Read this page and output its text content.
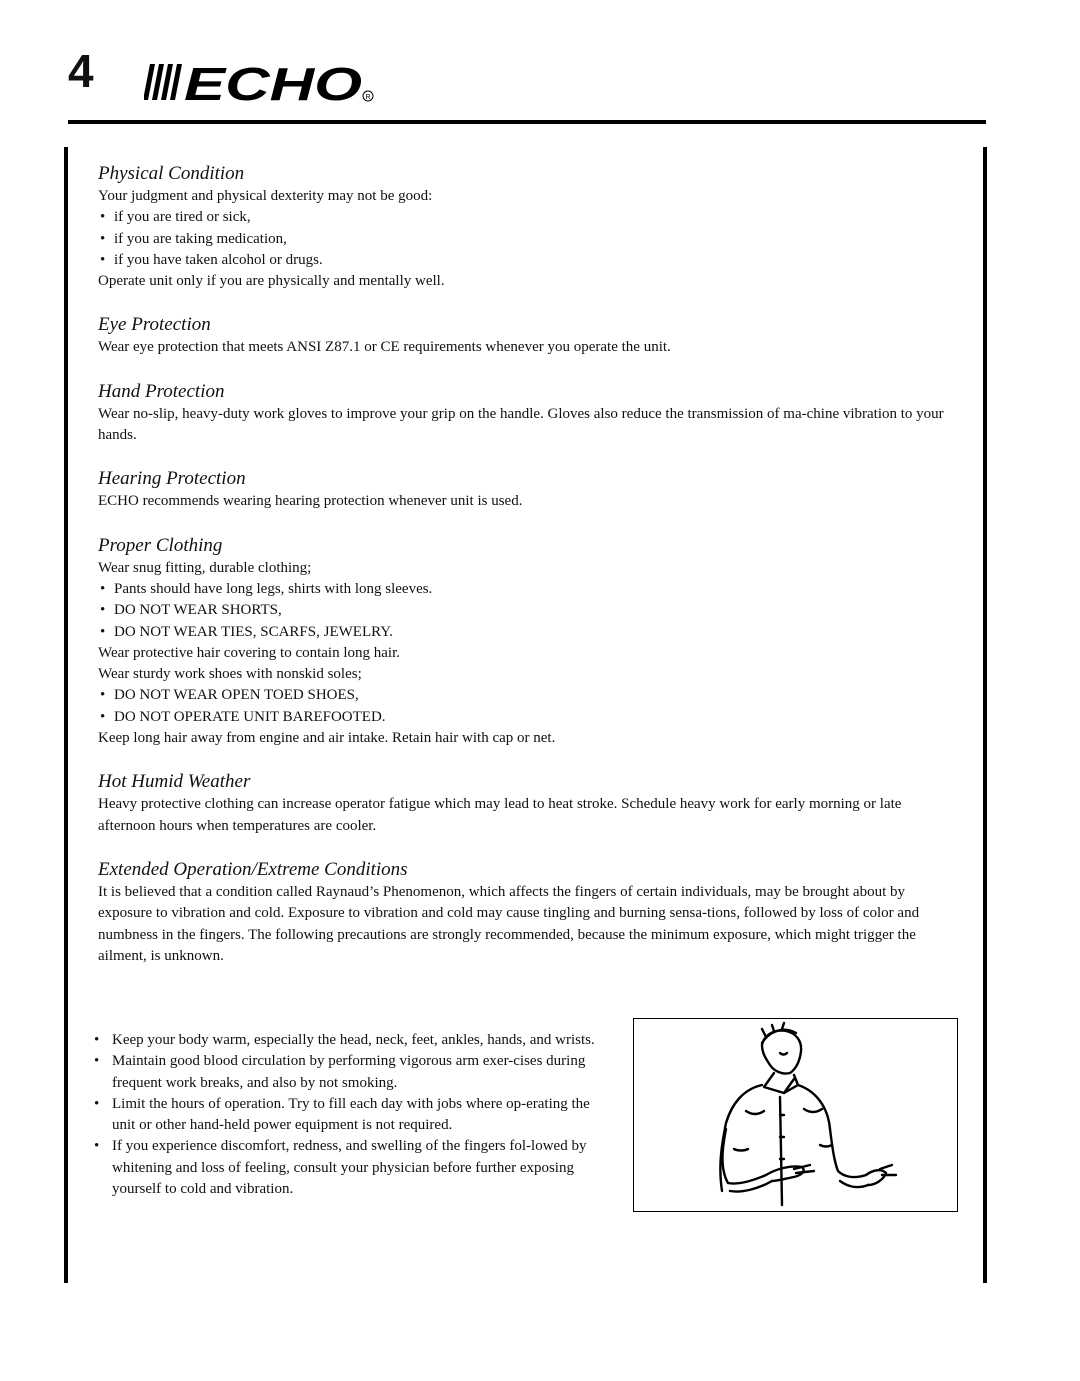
4 ECHO R
Physical Condition

Your judgment and physical dexterity may not be good:

• if you are tired or sick,
• if you are taking medication,
• if you have taken alcohol or drugs.

Operate unit only if you are physically and mentally well.

Eye Protection

Wear eye protection that meets ANSI Z87.1 or CE requirements whenever you operate the unit.

Hand Protection

Wear no-slip, heavy-duty work gloves to improve your grip on the handle. Gloves also reduce the transmission of ma-chine vibration to your hands.

Hearing Protection

ECHO recommends wearing hearing protection whenever unit is used.

Proper Clothing

Wear snug fitting, durable clothing;

• Pants should have long legs, shirts with long sleeves.
• DO NOT WEAR SHORTS,
• DO NOT WEAR TIES, SCARFS, JEWELRY.

Wear protective hair covering to contain long hair.

Wear sturdy work shoes with nonskid soles;

• DO NOT WEAR OPEN TOED SHOES,
• DO NOT OPERATE UNIT BAREFOOTED.

Keep long hair away from engine and air intake. Retain hair with cap or net.

Hot Humid Weather

Heavy protective clothing can increase operator fatigue which may lead to heat stroke. Schedule heavy work for early morning or late afternoon hours when temperatures are cooler.

Extended Operation/Extreme Conditions

It is believed that a condition called Raynaud’s Phenomenon, which affects the fingers of certain individuals, may be brought about by exposure to vibration and cold. Exposure to vibration and cold may cause tingling and burning sensa-tions, followed by loss of color and numbness in the fingers. The following precautions are strongly recommended, because the minimum exposure, which might trigger the ailment, is unknown.

• Keep your body warm, especially the head, neck, feet, ankles, hands, and wrists.
• Maintain good blood circulation by performing vigorous arm exer-cises during frequent work breaks, and also by not smoking.
• Limit the hours of operation. Try to fill each day with jobs where op-erating the unit or other hand-held power equipment is not required.
• If you experience discomfort, redness, and swelling of the fingers fol-lowed by whitening and loss of feeling, consult your physician before further exposing yourself to cold and vibration.
